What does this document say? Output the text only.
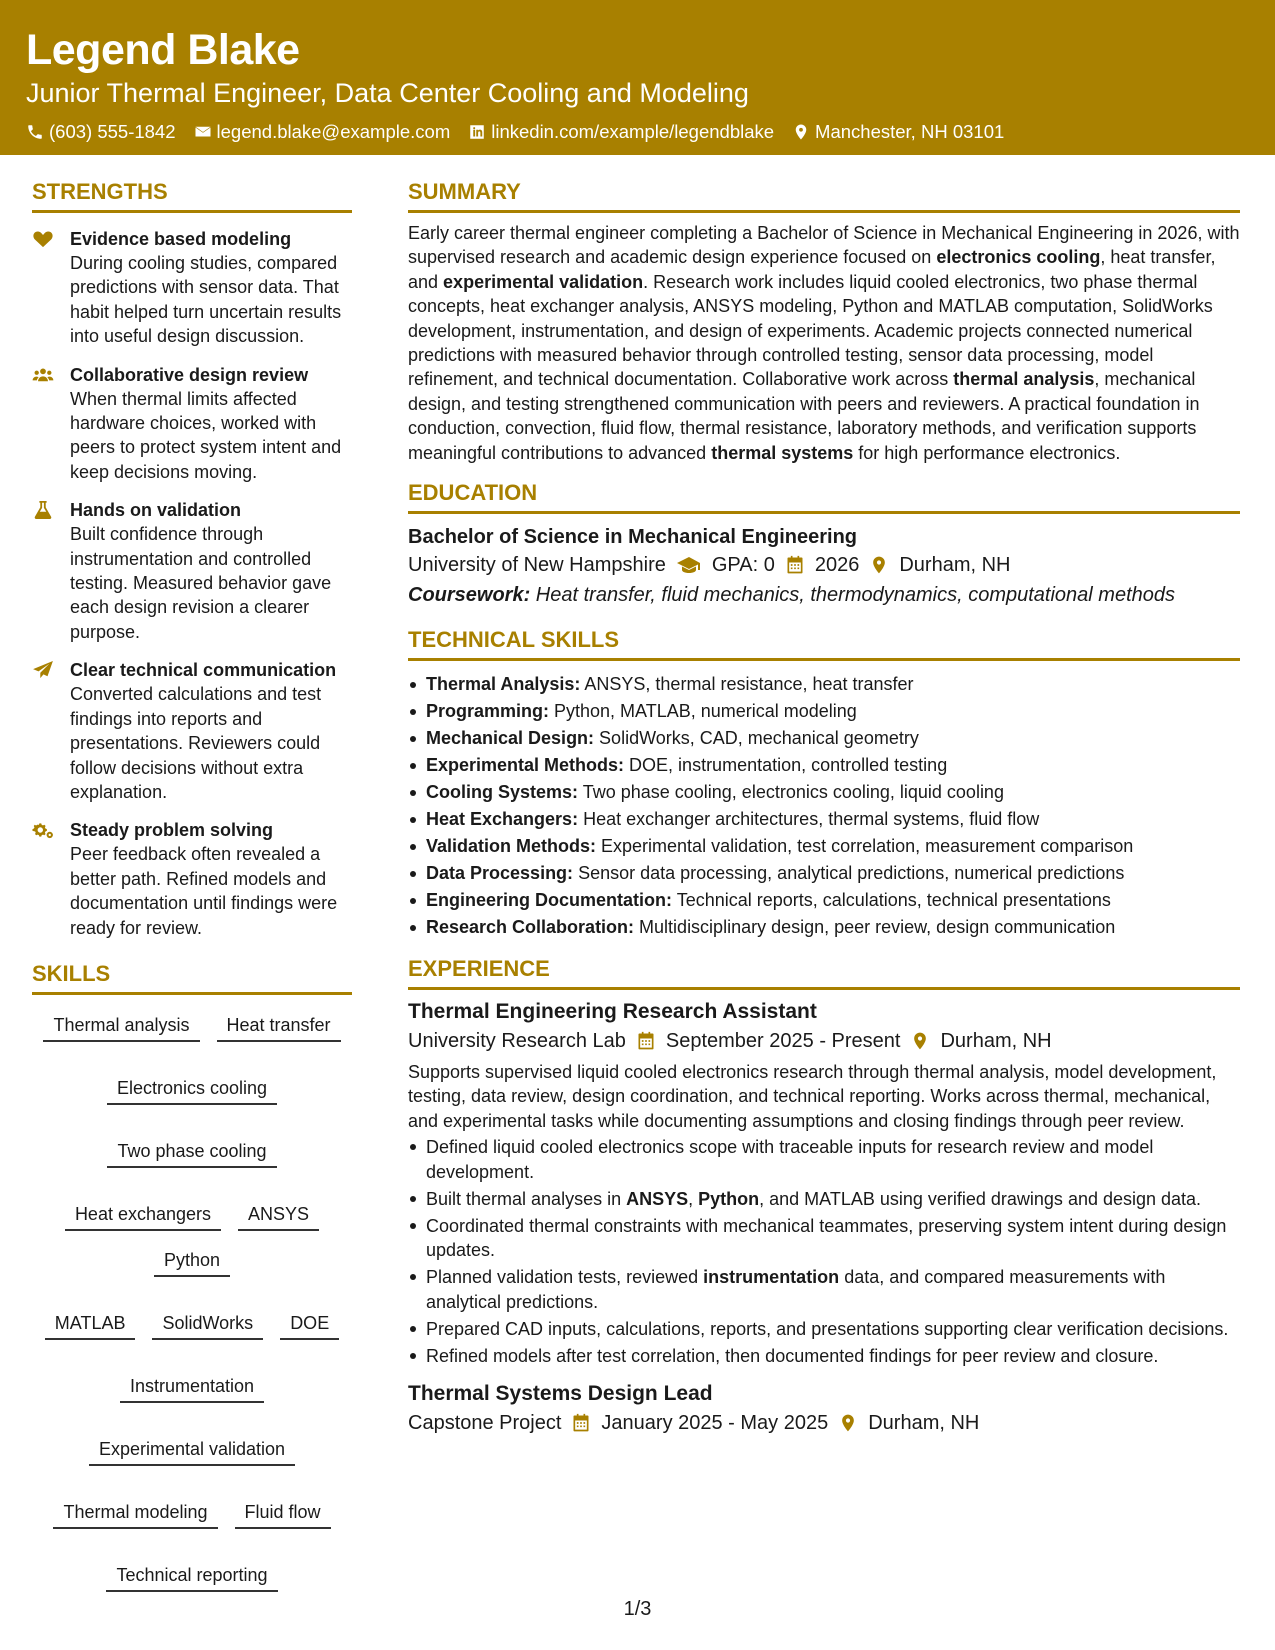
Legend Blake
Junior Thermal Engineer, Data Center Cooling and Modeling
(603) 555-1842 legend.blake@example.com linkedin.com/example/legendblake Manchester, NH 03101
STRENGTHS
Evidence based modeling
During cooling studies, compared predictions with sensor data. That habit helped turn uncertain results into useful design discussion.
Collaborative design review
When thermal limits affected hardware choices, worked with peers to protect system intent and keep decisions moving.
Hands on validation
Built confidence through instrumentation and controlled testing. Measured behavior gave each design revision a clearer purpose.
Clear technical communication
Converted calculations and test findings into reports and presentations. Reviewers could follow decisions without extra explanation.
Steady problem solving
Peer feedback often revealed a better path. Refined models and documentation until findings were ready for review.
SKILLS
Thermal analysis	Heat transfer
Electronics cooling
Two phase cooling
Heat exchangers	ANSYS
Python
MATLAB	SolidWorks	DOE
Instrumentation
Experimental validation
Thermal modeling	Fluid flow
Technical reporting
SUMMARY
Early career thermal engineer completing a Bachelor of Science in Mechanical Engineering in 2026, with supervised research and academic design experience focused on electronics cooling, heat transfer, and experimental validation. Research work includes liquid cooled electronics, two phase thermal concepts, heat exchanger analysis, ANSYS modeling, Python and MATLAB computation, SolidWorks development, instrumentation, and design of experiments. Academic projects connected numerical predictions with measured behavior through controlled testing, sensor data processing, model refinement, and technical documentation. Collaborative work across thermal analysis, mechanical design, and testing strengthened communication with peers and reviewers. A practical foundation in conduction, convection, fluid flow, thermal resistance, laboratory methods, and verification supports meaningful contributions to advanced thermal systems for high performance electronics.
EDUCATION
Bachelor of Science in Mechanical Engineering
University of New Hampshire GPA: 0 2026 Durham, NH
Coursework: Heat transfer, fluid mechanics, thermodynamics, computational methods
TECHNICAL SKILLS
Thermal Analysis: ANSYS, thermal resistance, heat transfer
Programming: Python, MATLAB, numerical modeling
Mechanical Design: SolidWorks, CAD, mechanical geometry
Experimental Methods: DOE, instrumentation, controlled testing
Cooling Systems: Two phase cooling, electronics cooling, liquid cooling
Heat Exchangers: Heat exchanger architectures, thermal systems, fluid flow
Validation Methods: Experimental validation, test correlation, measurement comparison
Data Processing: Sensor data processing, analytical predictions, numerical predictions
Engineering Documentation: Technical reports, calculations, technical presentations
Research Collaboration: Multidisciplinary design, peer review, design communication
EXPERIENCE
Thermal Engineering Research Assistant
University Research Lab September 2025 - Present Durham, NH
Supports supervised liquid cooled electronics research through thermal analysis, model development, testing, data review, design coordination, and technical reporting. Works across thermal, mechanical, and experimental tasks while documenting assumptions and closing findings through peer review.
Defined liquid cooled electronics scope with traceable inputs for research review and model development.
Built thermal analyses in ANSYS, Python, and MATLAB using verified drawings and design data.
Coordinated thermal constraints with mechanical teammates, preserving system intent during design updates.
Planned validation tests, reviewed instrumentation data, and compared measurements with analytical predictions.
Prepared CAD inputs, calculations, reports, and presentations supporting clear verification decisions.
Refined models after test correlation, then documented findings for peer review and closure.
Thermal Systems Design Lead
Capstone Project January 2025 - May 2025 Durham, NH
1/3
